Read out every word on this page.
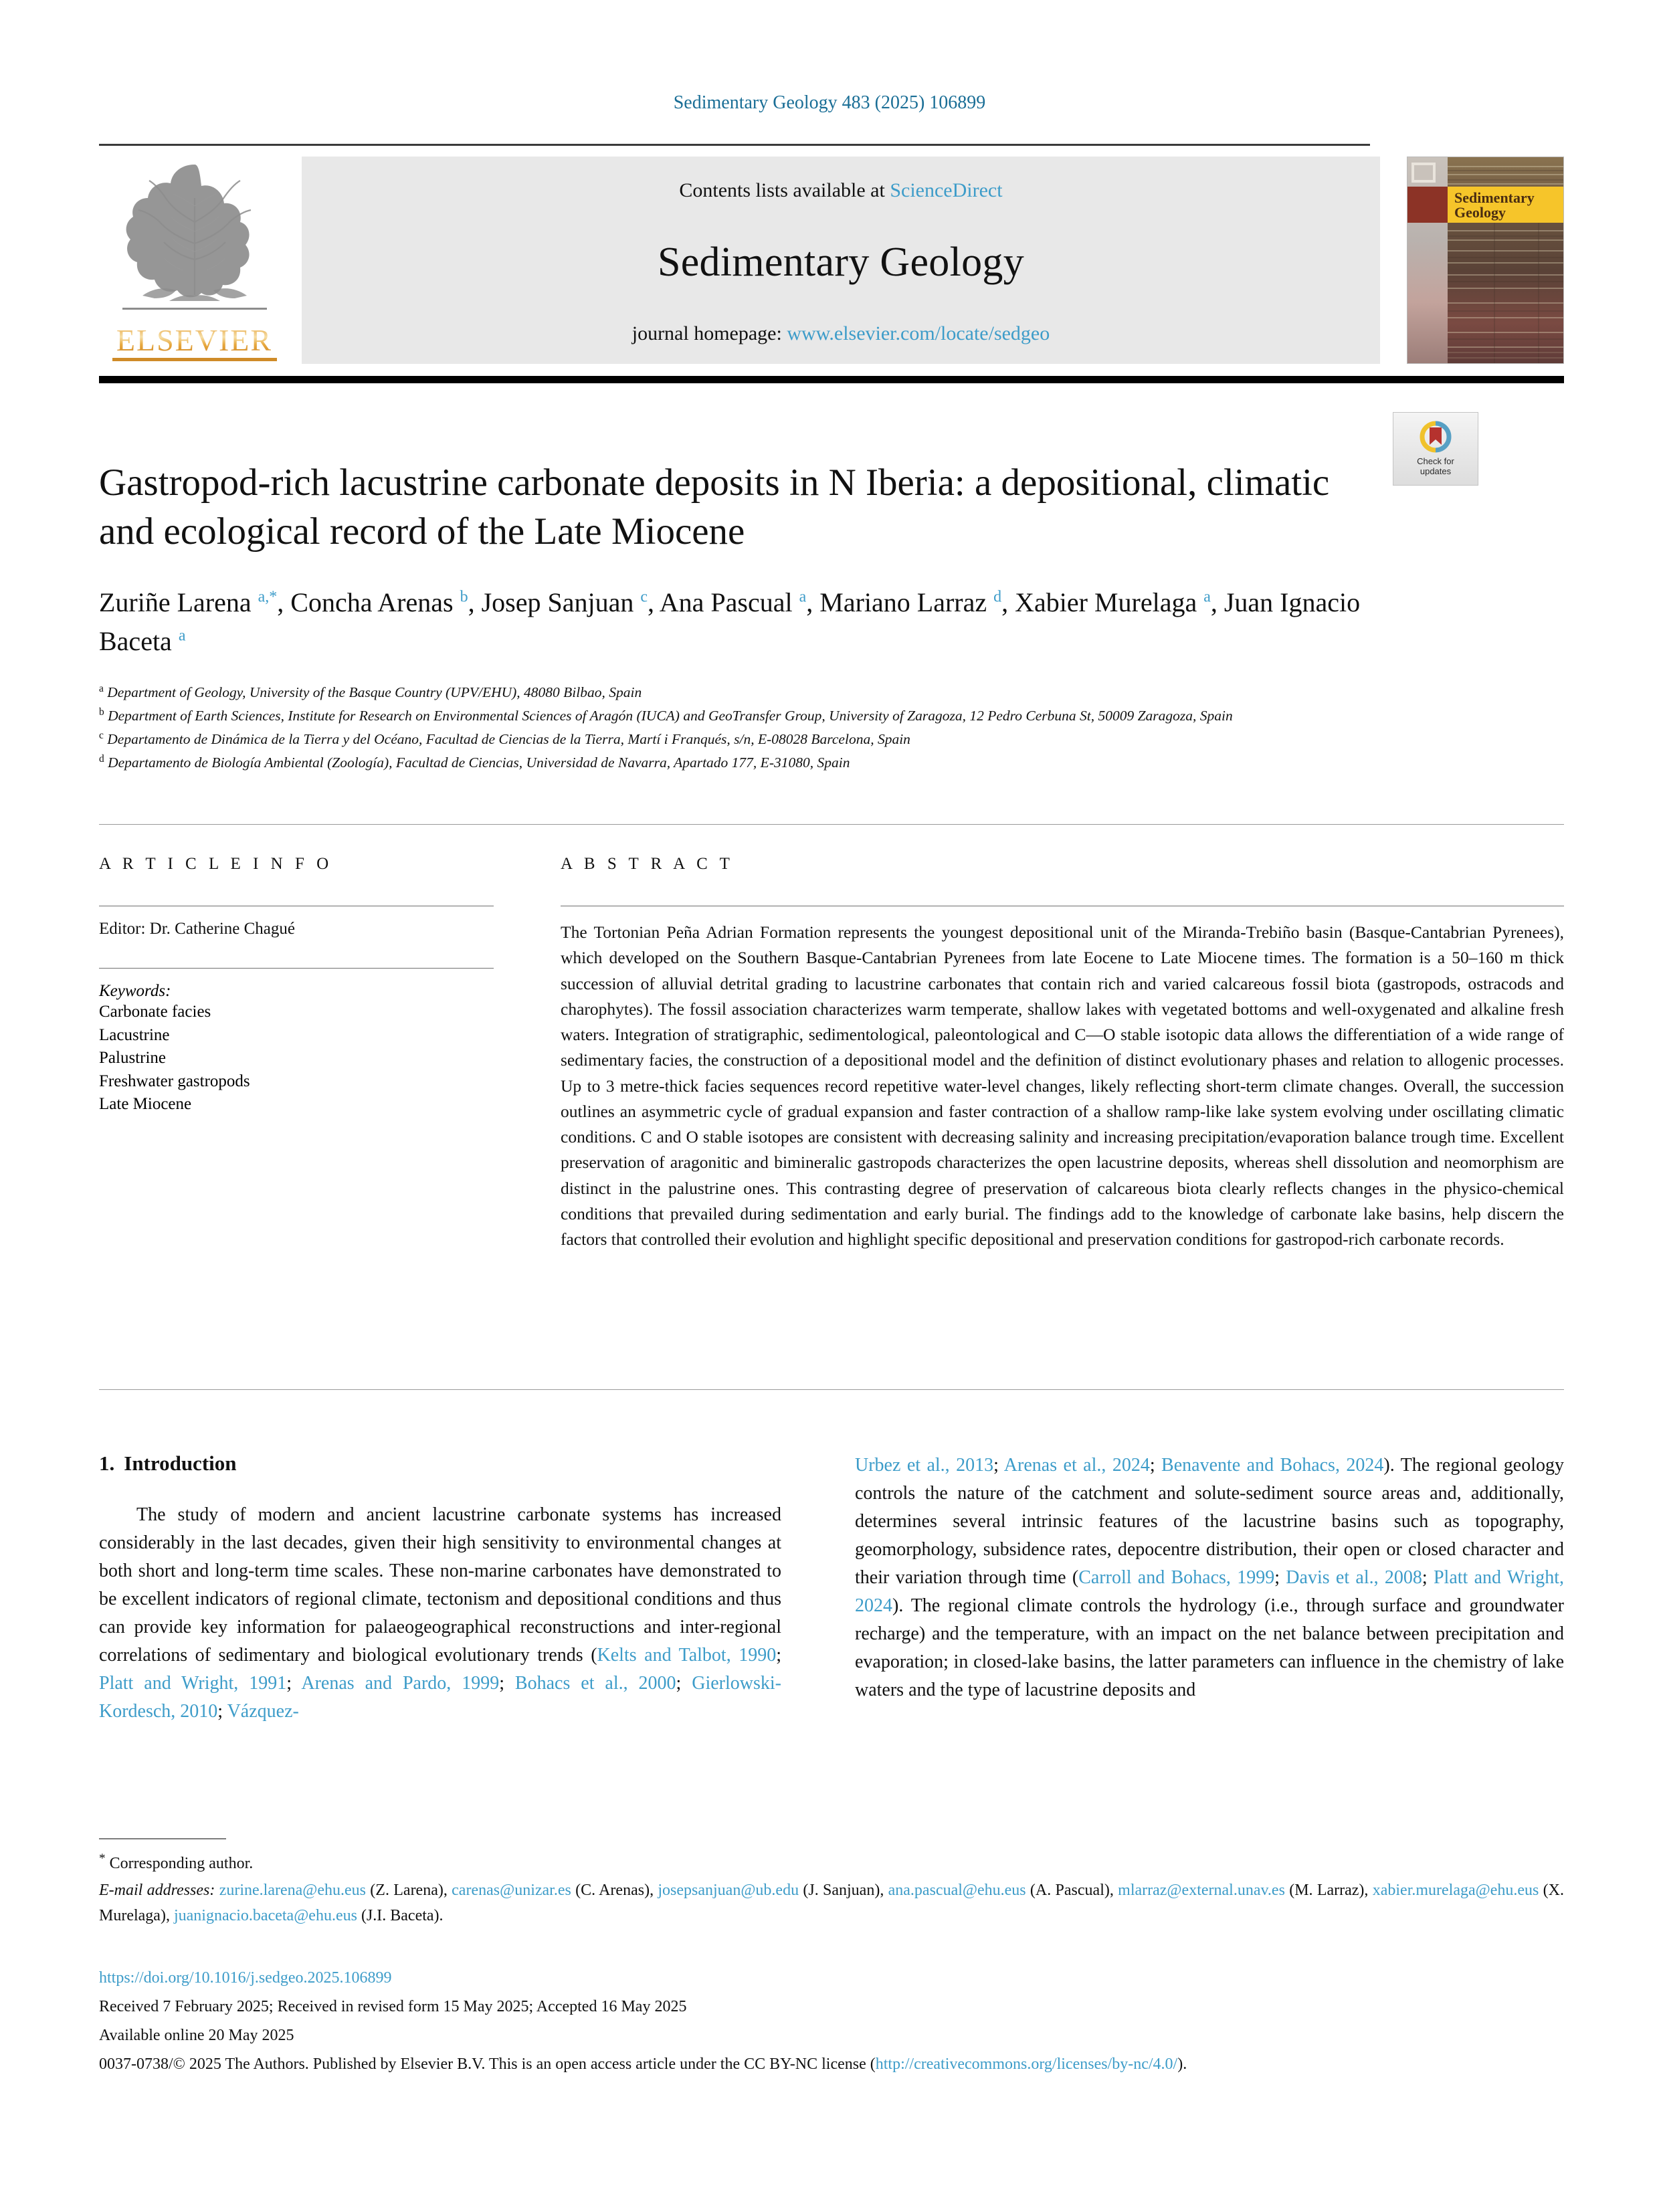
Sedimentary Geology 483 (2025) 106899
ELSEVIER
Contents lists available at ScienceDirect
Sedimentary Geology
journal homepage: www.elsevier.com/locate/sedgeo
Sedimentary
Geology
Check for
updates
Gastropod-rich lacustrine carbonate deposits in N Iberia: a depositional, climatic and ecological record of the Late Miocene
Zuriñe Larena $^{a,*}$, Concha Arenas $^b$, Josep Sanjuan $^c$, Ana Pascual $^a$, Mariano Larraz $^d$, Xabier Murelaga $^a$, Juan Ignacio Baceta $^a$
$^a$ Department of Geology, University of the Basque Country (UPV/EHU), 48080 Bilbao, Spain
$^b$ Department of Earth Sciences, Institute for Research on Environmental Sciences of Aragón (IUCA) and GeoTransfer Group, University of Zaragoza, 12 Pedro Cerbuna St, 50009 Zaragoza, Spain
$^c$ Departamento de Dinámica de la Tierra y del Océano, Facultad de Ciencias de la Tierra, Martí i Franqués, s/n, E-08028 Barcelona, Spain
$^d$ Departamento de Biología Ambiental (Zoología), Facultad de Ciencias, Universidad de Navarra, Apartado 177, E-31080, Spain
A R T I C L E I N F O
Editor: Dr. Catherine Chagué
Keywords:
Carbonate facies
Lacustrine
Palustrine
Freshwater gastropods
Late Miocene
A B S T R A C T
The Tortonian Peña Adrian Formation represents the youngest depositional unit of the Miranda-Trebiño basin (Basque-Cantabrian Pyrenees), which developed on the Southern Basque-Cantabrian Pyrenees from late Eocene to Late Miocene times. The formation is a 50–160 m thick succession of alluvial detrital grading to lacustrine carbonates that contain rich and varied calcareous fossil biota (gastropods, ostracods and charophytes). The fossil association characterizes warm temperate, shallow lakes with vegetated bottoms and well-oxygenated and alkaline fresh waters. Integration of stratigraphic, sedimentological, paleontological and C—O stable isotopic data allows the differentiation of a wide range of sedimentary facies, the construction of a depositional model and the definition of distinct evolutionary phases and relation to allogenic processes. Up to 3 metre-thick facies sequences record repetitive water-level changes, likely reflecting short-term climate changes. Overall, the succession outlines an asymmetric cycle of gradual expansion and faster contraction of a shallow ramp-like lake system evolving under oscillating climatic conditions. C and O stable isotopes are consistent with decreasing salinity and increasing precipitation/evaporation balance trough time. Excellent preservation of aragonitic and bimineralic gastropods characterizes the open lacustrine deposits, whereas shell dissolution and neomorphism are distinct in the palustrine ones. This contrasting degree of preservation of calcareous biota clearly reflects changes in the physico-chemical conditions that prevailed during sedimentation and early burial. The findings add to the knowledge of carbonate lake basins, help discern the factors that controlled their evolution and highlight specific depositional and preservation conditions for gastropod-rich carbonate records.
1. Introduction
The study of modern and ancient lacustrine carbonate systems has increased considerably in the last decades, given their high sensitivity to environmental changes at both short and long-term time scales. These non-marine carbonates have demonstrated to be excellent indicators of regional climate, tectonism and depositional conditions and thus can provide key information for palaeogeographical reconstructions and inter-regional correlations of sedimentary and biological evolutionary trends (Kelts and Talbot, 1990; Platt and Wright, 1991; Arenas and Pardo, 1999; Bohacs et al., 2000; Gierlowski-Kordesch, 2010; Vázquez-
Urbez et al., 2013; Arenas et al., 2024; Benavente and Bohacs, 2024). The regional geology controls the nature of the catchment and solute-sediment source areas and, additionally, determines several intrinsic features of the lacustrine basins such as topography, geomorphology, subsidence rates, depocentre distribution, their open or closed character and their variation through time (Carroll and Bohacs, 1999; Davis et al., 2008; Platt and Wright, 2024). The regional climate controls the hydrology (i.e., through surface and groundwater recharge) and the temperature, with an impact on the net balance between precipitation and evaporation; in closed-lake basins, the latter parameters can influence in the chemistry of lake waters and the type of lacustrine deposits and
* Corresponding author.
E-mail addresses: zurine.larena@ehu.eus (Z. Larena), carenas@unizar.es (C. Arenas), josepsanjuan@ub.edu (J. Sanjuan), ana.pascual@ehu.eus (A. Pascual), mlarraz@external.unav.es (M. Larraz), xabier.murelaga@ehu.eus (X. Murelaga), juanignacio.baceta@ehu.eus (J.I. Baceta).
https://doi.org/10.1016/j.sedgeo.2025.106899
Received 7 February 2025; Received in revised form 15 May 2025; Accepted 16 May 2025
Available online 20 May 2025
0037-0738/© 2025 The Authors. Published by Elsevier B.V. This is an open access article under the CC BY-NC license (http://creativecommons.org/licenses/by-nc/4.0/).
